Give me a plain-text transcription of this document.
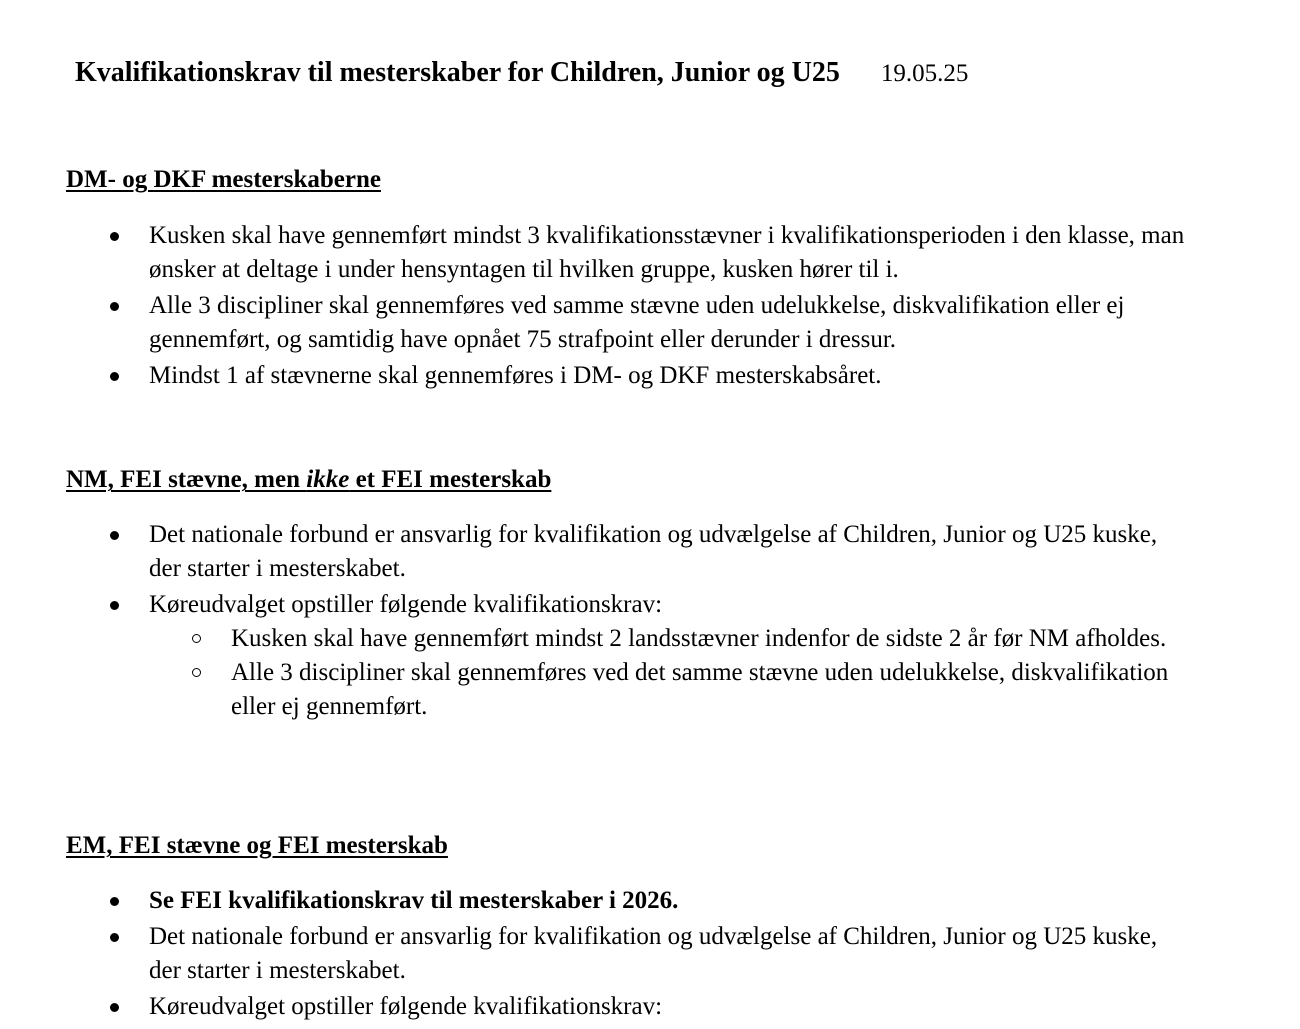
Kvalifikationskrav til mesterskaber for Children, Junior og U25 19.05.25
DM- og DKF mesterskaberne
Kusken skal have gennemført mindst 3 kvalifikationsstævner i kvalifikationsperioden i den klasse, man ønsker at deltage i under hensyntagen til hvilken gruppe, kusken hører til i.
Alle 3 discipliner skal gennemføres ved samme stævne uden udelukkelse, diskvalifikation eller ej gennemført, og samtidig have opnået 75 strafpoint eller derunder i dressur.
Mindst 1 af stævnerne skal gennemføres i DM- og DKF mesterskabsåret.
NM, FEI stævne, men ikke et FEI mesterskab
Det nationale forbund er ansvarlig for kvalifikation og udvælgelse af Children, Junior og U25 kuske, der starter i mesterskabet.
Køreudvalget opstiller følgende kvalifikationskrav:
Kusken skal have gennemført mindst 2 landsstævner indenfor de sidste 2 år før NM afholdes.
Alle 3 discipliner skal gennemføres ved det samme stævne uden udelukkelse, diskvalifikation eller ej gennemført.
EM, FEI stævne og FEI mesterskab
Se FEI kvalifikationskrav til mesterskaber i 2026.
Det nationale forbund er ansvarlig for kvalifikation og udvælgelse af Children, Junior og U25 kuske, der starter i mesterskabet.
Køreudvalget opstiller følgende kvalifikationskrav:
